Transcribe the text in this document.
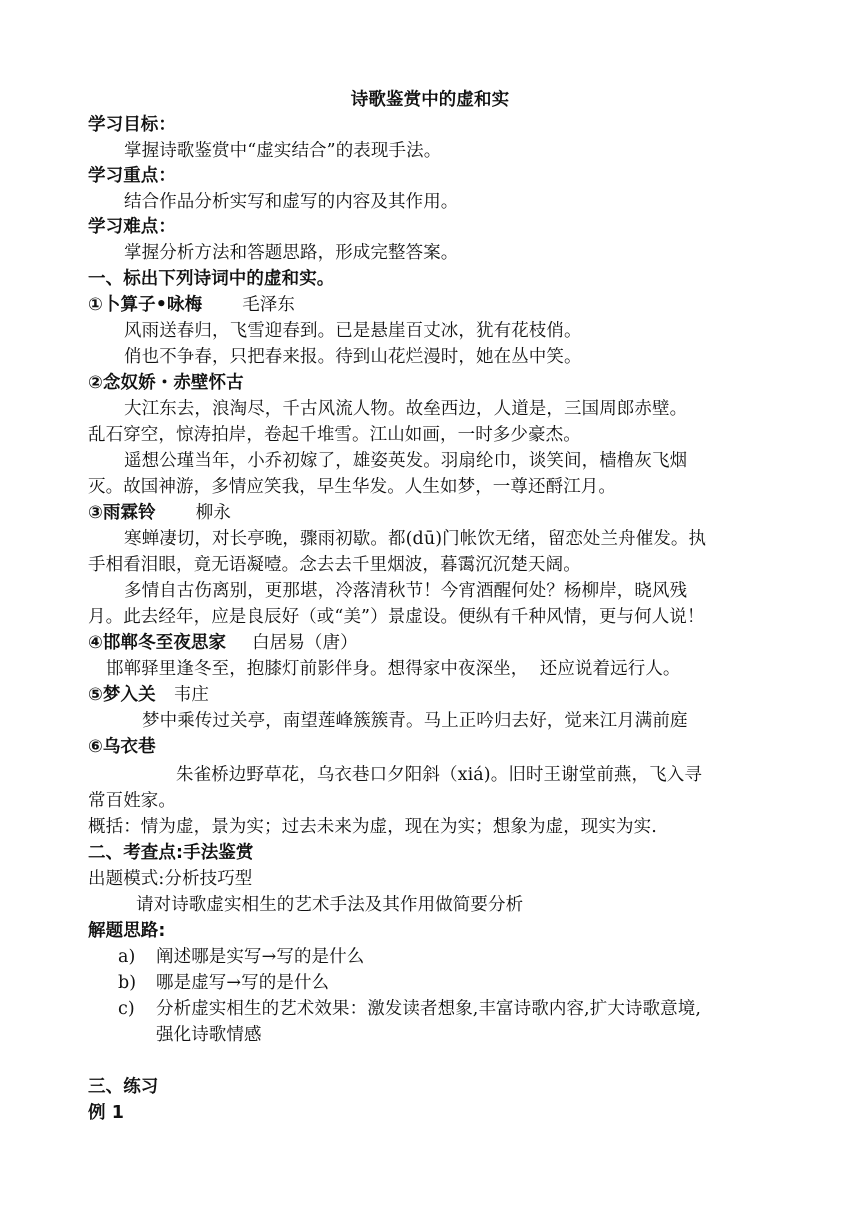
诗歌鉴赏中的虚和实
学习目标：
掌握诗歌鉴赏中“虚实结合”的表现手法。
学习重点：
结合作品分析实写和虚写的内容及其作用。
学习难点：
掌握分析方法和答题思路，形成完整答案。
一、标出下列诗词中的虚和实。
①卜算子•咏梅 毛泽东
风雨送春归，飞雪迎春到。已是悬崖百丈冰，犹有花枝俏。
俏也不争春，只把春来报。待到山花烂漫时，她在丛中笑。
②念奴娇・赤壁怀古
大江东去，浪淘尽，千古风流人物。故垒西边，人道是，三国周郎赤壁。
乱石穿空，惊涛拍岸，卷起千堆雪。江山如画，一时多少豪杰。
遥想公瑾当年，小乔初嫁了，雄姿英发。羽扇纶巾，谈笑间，樯橹灰飞烟
灭。故国神游，多情应笑我，早生华发。人生如梦，一尊还酹江月。
③雨霖铃 柳永
寒蝉凄切，对长亭晚，骤雨初歇。都(dū)门帐饮无绪，留恋处兰舟催发。执
手相看泪眼，竟无语凝噎。念去去千里烟波，暮霭沉沉楚天阔。
多情自古伤离别，更那堪，冷落清秋节！今宵酒醒何处？杨柳岸，晓风残
月。此去经年，应是良辰好（或“美”）景虚设。便纵有千种风情，更与何人说！
④邯郸冬至夜思家 白居易（唐）
邯郸驿里逢冬至，抱膝灯前影伴身。想得家中夜深坐，  还应说着远行人。
⑤梦入关 韦庄
梦中乘传过关亭，南望莲峰簇簇青。马上正吟归去好，觉来江月满前庭
⑥乌衣巷
朱雀桥边野草花，乌衣巷口夕阳斜（xiá)。旧时王谢堂前燕，飞入寻
常百姓家。
概括：情为虚，景为实；过去未来为虚，现在为实；想象为虚，现实为实.
二、考查点:手法鉴赏
出题模式:分析技巧型
请对诗歌虚实相生的艺术手法及其作用做简要分析
解题思路:
a) 阐述哪是实写→写的是什么
b) 哪是虚写→写的是什么
c) 分析虚实相生的艺术效果：激发读者想象,丰富诗歌内容,扩大诗歌意境,
强化诗歌情感
三、练习
例 1
